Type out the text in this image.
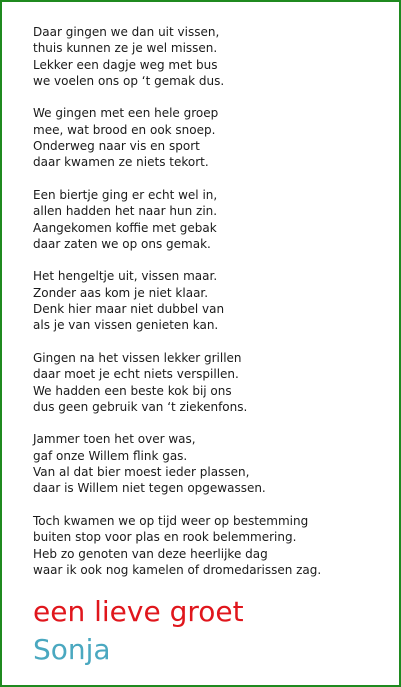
Daar gingen we dan uit vissen,
thuis kunnen ze je wel missen.
Lekker een dagje weg met bus
we voelen ons op ‘t gemak dus.
We gingen met een hele groep
mee, wat brood en ook snoep.
Onderweg naar vis en sport
daar kwamen ze niets tekort.
Een biertje ging er echt wel in,
allen hadden het naar hun zin.
Aangekomen koffie met gebak
daar zaten we op ons gemak.
Het hengeltje uit, vissen maar.
Zonder aas kom je niet klaar.
Denk hier maar niet dubbel van
als je van vissen genieten kan.
Gingen na het vissen lekker grillen
daar moet je echt niets verspillen.
We hadden een beste kok bij ons
dus geen gebruik van ‘t ziekenfons.
Jammer toen het over was,
gaf onze Willem flink gas.
Van al dat bier moest ieder plassen,
daar is Willem niet tegen opgewassen.
Toch kwamen we op tijd weer op bestemming
buiten stop voor plas en rook belemmering.
Heb zo genoten van deze heerlijke dag
waar ik ook nog kamelen of dromedarissen zag.
een lieve groet
Sonja
